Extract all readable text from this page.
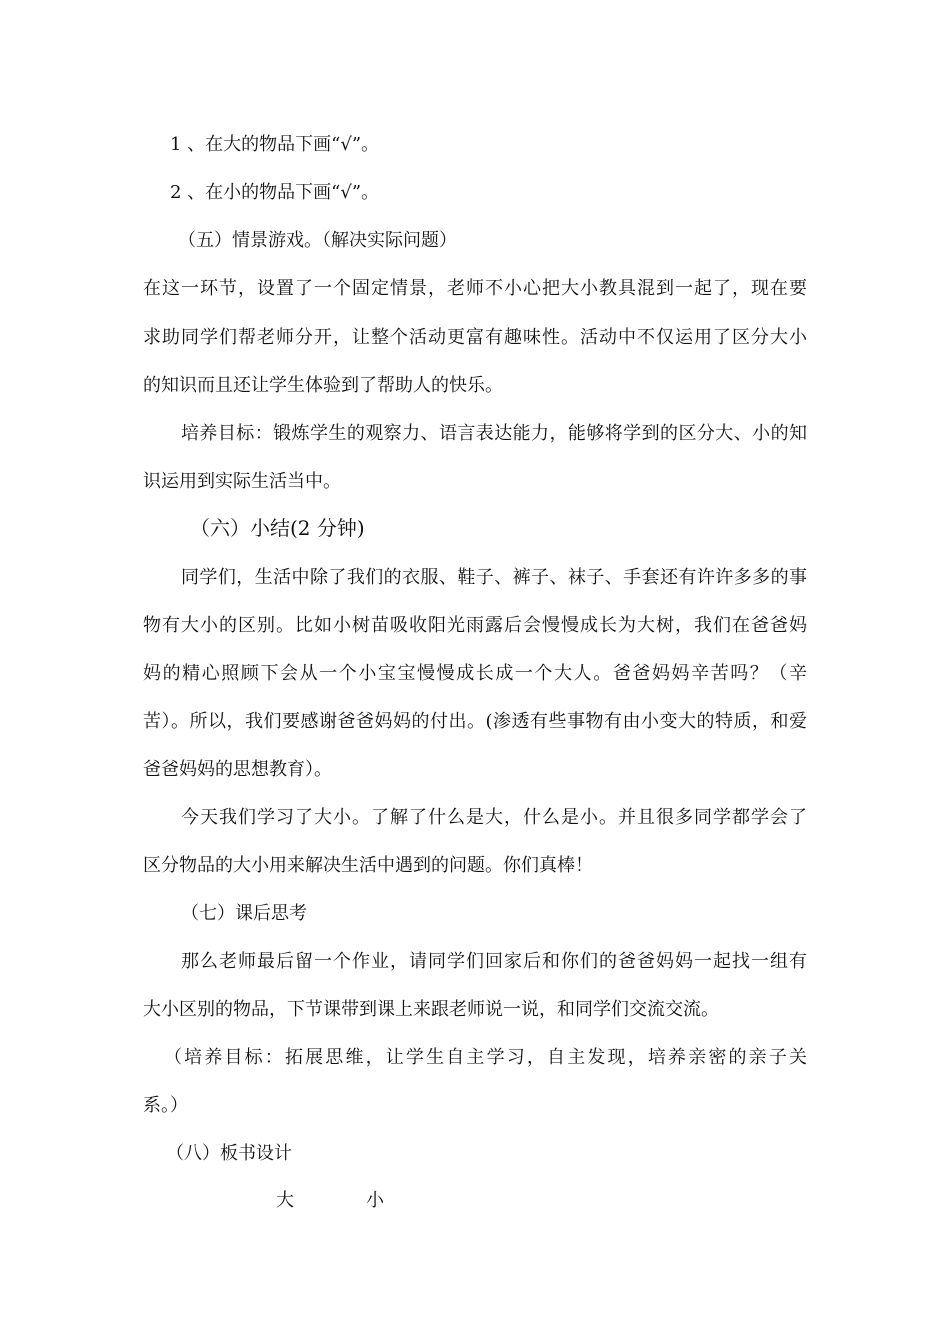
1 、在大的物品下画“√”。

2 、在小的物品下画“√”。

（五）情景游戏。（解决实际问题）

在这一环节，设置了一个固定情景，老师不小心把大小教具混到一起了，现在要

求助同学们帮老师分开，让整个活动更富有趣味性。活动中不仅运用了区分大小

的知识而且还让学生体验到了帮助人的快乐。

培养目标：锻炼学生的观察力、语言表达能力，能够将学到的区分大、小的知

识运用到实际生活当中。

（六）小结(2 分钟)

同学们，生活中除了我们的衣服、鞋子、裤子、袜子、手套还有许许多多的事

物有大小的区别。比如小树苗吸收阳光雨露后会慢慢成长为大树，我们在爸爸妈

妈的精心照顾下会从一个小宝宝慢慢成长成一个大人。爸爸妈妈辛苦吗？（辛

苦）。所以，我们要感谢爸爸妈妈的付出。(渗透有些事物有由小变大的特质，和爱

爸爸妈妈的思想教育）。

今天我们学习了大小。了解了什么是大，什么是小。并且很多同学都学会了

区分物品的大小用来解决生活中遇到的问题。你们真棒！

（七）课后思考

那么老师最后留一个作业，请同学们回家后和你们的爸爸妈妈一起找一组有

大小区别的物品，下节课带到课上来跟老师说一说，和同学们交流交流。

（培养目标：拓展思维，让学生自主学习，自主发现，培养亲密的亲子关

系。）

（八）板书设计

大	小
